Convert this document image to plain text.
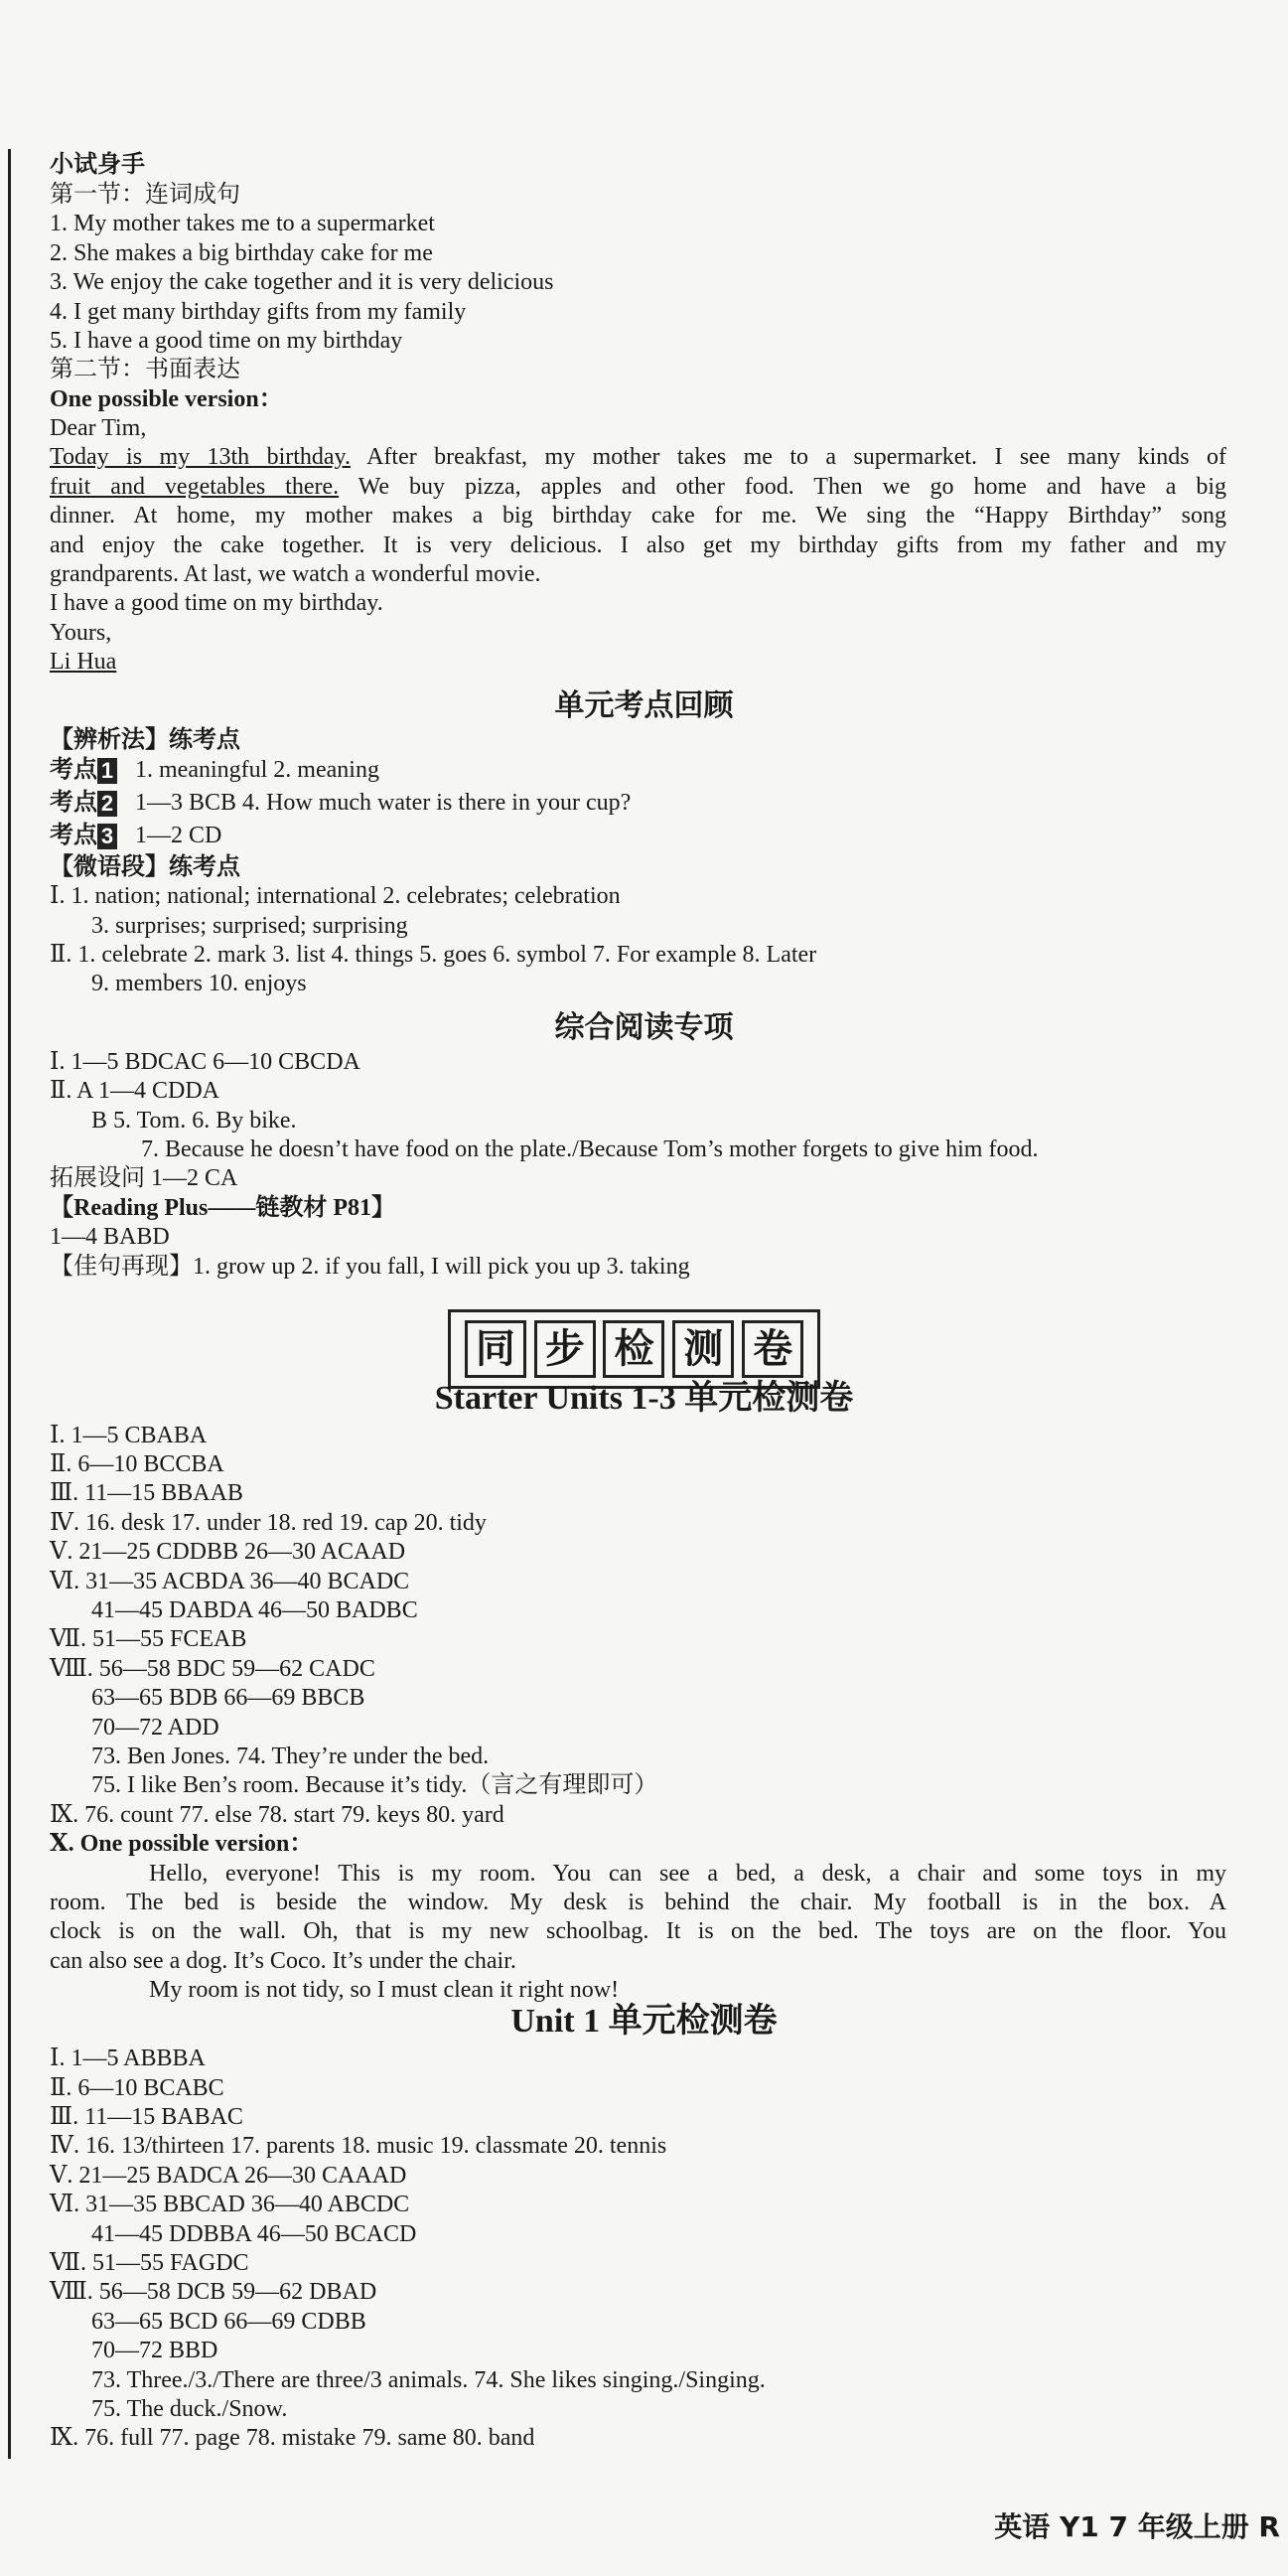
小试身手
第一节：连词成句
1. My mother takes me to a supermarket
2. She makes a big birthday cake for me
3. We enjoy the cake together and it is very delicious
4. I get many birthday gifts from my family
5. I have a good time on my birthday
第二节：书面表达
One possible version：
Dear Tim,
Today is my 13th birthday. After breakfast, my mother takes me to a supermarket. I see many kinds of
fruit and vegetables there. We buy pizza, apples and other food. Then we go home and have a big
dinner. At home, my mother makes a big birthday cake for me. We sing the “Happy Birthday” song
and enjoy the cake together. It is very delicious. I also get my birthday gifts from my father and my
grandparents. At last, we watch a wonderful movie.
I have a good time on my birthday.
Yours,
Li Hua
单元考点回顾
【辨析法】练考点
考点 1 1. meaningful 2. meaning
考点 2 1—3 BCB 4. How much water is there in your cup?
考点 3 1—2 CD
【微语段】练考点
Ⅰ. 1. nation; national; international 2. celebrates; celebration
3. surprises; surprised; surprising
Ⅱ. 1. celebrate 2. mark 3. list 4. things 5. goes 6. symbol 7. For example 8. Later
9. members 10. enjoys
综合阅读专项
Ⅰ. 1—5 BDCAC 6—10 CBCDA
Ⅱ. A 1—4 CDDA
B 5. Tom. 6. By bike.
7. Because he doesn’t have food on the plate./Because Tom’s mother forgets to give him food.
拓展设问 1—2 CA
【Reading Plus——链教材 P81】
1—4 BABD
【佳句再现】1. grow up 2. if you fall, I will pick you up 3. taking
同 步 检 测 卷
Starter Units 1-3 单元检测卷
Ⅰ. 1—5 CBABA
Ⅱ. 6—10 BCCBA
Ⅲ. 11—15 BBAAB
Ⅳ. 16. desk 17. under 18. red 19. cap 20. tidy
Ⅴ. 21—25 CDDBB 26—30 ACAAD
Ⅵ. 31—35 ACBDA 36—40 BCADC
41—45 DABDA 46—50 BADBC
Ⅶ. 51—55 FCEAB
Ⅷ. 56—58 BDC 59—62 CADC
63—65 BDB 66—69 BBCB
70—72 ADD
73. Ben Jones. 74. They’re under the bed.
75. I like Ben’s room. Because it’s tidy.（言之有理即可）
Ⅸ. 76. count 77. else 78. start 79. keys 80. yard
Ⅹ. One possible version：
Hello, everyone! This is my room. You can see a bed, a desk, a chair and some toys in my
room. The bed is beside the window. My desk is behind the chair. My football is in the box. A
clock is on the wall. Oh, that is my new schoolbag. It is on the bed. The toys are on the floor. You
can also see a dog. It’s Coco. It’s under the chair.
My room is not tidy, so I must clean it right now!
Unit 1 单元检测卷
Ⅰ. 1—5 ABBBA
Ⅱ. 6—10 BCABC
Ⅲ. 11—15 BABAC
Ⅳ. 16. 13/thirteen 17. parents 18. music 19. classmate 20. tennis
Ⅴ. 21—25 BADCA 26—30 CAAAD
Ⅵ. 31—35 BBCAD 36—40 ABCDC
41—45 DDBBA 46—50 BCACD
Ⅶ. 51—55 FAGDC
Ⅷ. 56—58 DCB 59—62 DBAD
63—65 BCD 66—69 CDBB
70—72 BBD
73. Three./3./There are three/3 animals. 74. She likes singing./Singing.
75. The duck./Snow.
Ⅸ. 76. full 77. page 78. mistake 79. same 80. band
英语 Y1 7 年级上册 R
